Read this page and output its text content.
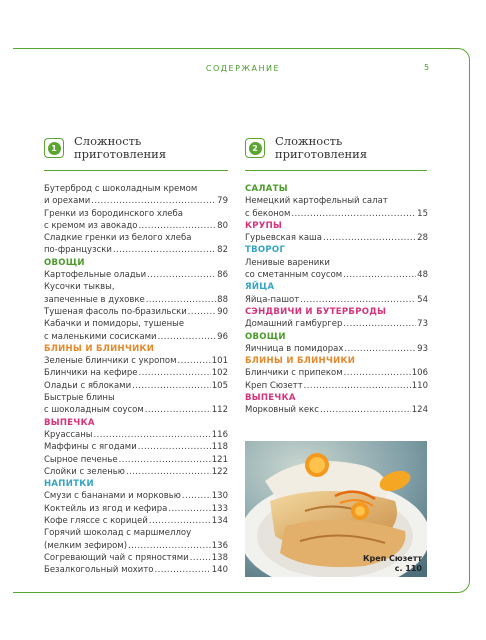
СОДЕРЖАНИЕ	5
1	Сложность
приготовления	2	Сложность
приготовления
Бутерброд с шоколадным кремом
и орехами .....	79
Гренки из бородинского хлеба
с кремом из авокадо .....	80
Сладкие гренки из белого хлеба
по-французски .....	82
ОВОЩИ
Картофельные оладьи .....	86
Кусочки тыквы,
запеченные в духовке .....	88
Тушеная фасоль по-бразильски .....	90
Кабачки и помидоры, тушеные
с маленькими сосисками .....	96
БЛИНЫ И БЛИНЧИКИ
Зеленые блинчики с укропом .....	101
Блинчики на кефире .....	102
Оладьи с яблоками .....	105
Быстрые блины
с шоколадным соусом .....	112
ВЫПЕЧКА
Круассаны .....	116
Маффины с ягодами .....	118
Сырное печенье .....	121
Слойки с зеленью .....	122
НАПИТКИ
Смузи с бананами и морковью .....	130
Коктейль из ягод и кефира .....	133
Кофе гляссе с корицей .....	134
Горячий шоколад с маршмеллоу
(мелким зефиром) .....	136
Согревающий чай с пряностями .....	138
Безалкогольный мохито .....	140
САЛАТЫ
Немецкий картофельный салат
с беконом .....	15
КРУПЫ
Гурьевская каша .....	28
ТВОРОГ
Ленивые вареники
со сметанным соусом .....	48
ЯЙЦА
Яйца-пашот .....	54
СЭНДВИЧИ И БУТЕРБРОДЫ
Домашний гамбургер .....	73
ОВОЩИ
Яичница в помидорах .....	93
БЛИНЫ И БЛИНЧИКИ
Блинчики с припеком .....	106
Креп Сюзетт .....	110
ВЫПЕЧКА
Морковный кекс .....	124
Креп Сюзетт
с. 110
